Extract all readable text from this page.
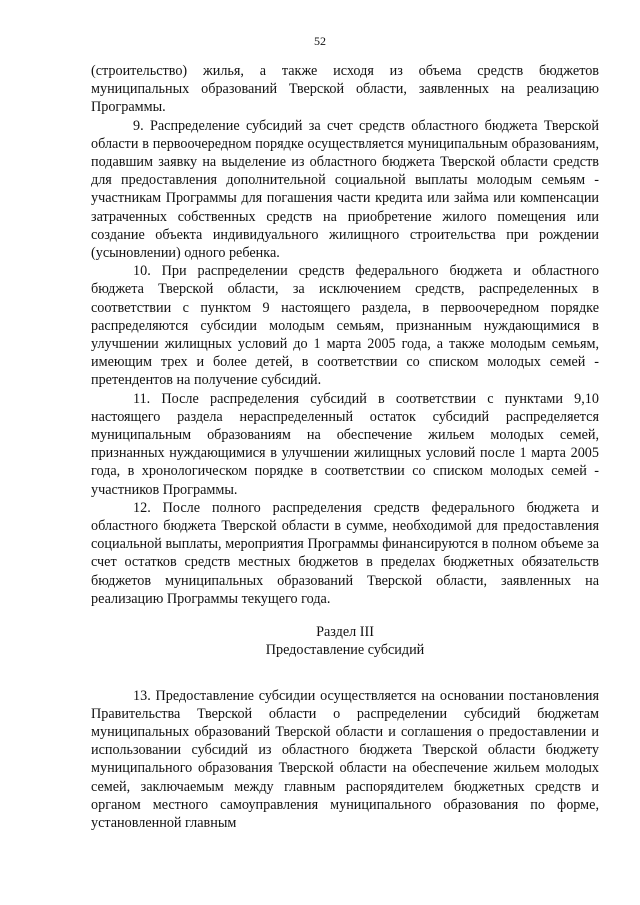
52

(строительство) жилья, а также исходя из объема средств бюджетов муниципальных образований Тверской области, заявленных на реализацию Программы.

9. Распределение субсидий за счет средств областного бюджета Тверской области в первоочередном порядке осуществляется муниципальным образованиям, подавшим заявку на выделение из областного бюджета Тверской области средств для предоставления дополнительной социальной выплаты молодым семьям - участникам Программы для погашения части кредита или займа или компенсации затраченных собственных средств на приобретение жилого помещения или создание объекта индивидуального жилищного строительства при рождении (усыновлении) одного ребенка.

10. При распределении средств федерального бюджета и областного бюджета Тверской области, за исключением средств, распределенных в соответствии с пунктом 9 настоящего раздела, в первоочередном порядке распределяются субсидии молодым семьям, признанным нуждающимися в улучшении жилищных условий до 1 марта 2005 года, а также молодым семьям, имеющим трех и более детей, в соответствии со списком молодых семей - претендентов на получение субсидий.

11. После распределения субсидий в соответствии с пунктами 9,10 настоящего раздела нераспределенный остаток субсидий распределяется муниципальным образованиям на обеспечение жильем молодых семей, признанных нуждающимися в улучшении жилищных условий после 1 марта 2005 года, в хронологическом порядке в соответствии со списком молодых семей - участников Программы.

12. После полного распределения средств федерального бюджета и областного бюджета Тверской области в сумме, необходимой для предоставления социальной выплаты, мероприятия Программы финансируются в полном объеме за счет остатков средств местных бюджетов в пределах бюджетных обязательств бюджетов муниципальных образований Тверской области, заявленных на реализацию Программы текущего года.

Раздел III

Предоставление субсидий

13. Предоставление субсидии осуществляется на основании постановления Правительства Тверской области о распределении субсидий бюджетам муниципальных образований Тверской области и соглашения о предоставлении и использовании субсидий из областного бюджета Тверской области бюджету муниципального образования Тверской области на обеспечение жильем молодых семей, заключаемым между главным распорядителем бюджетных средств и органом местного самоуправления муниципального образования по форме, установленной главным
